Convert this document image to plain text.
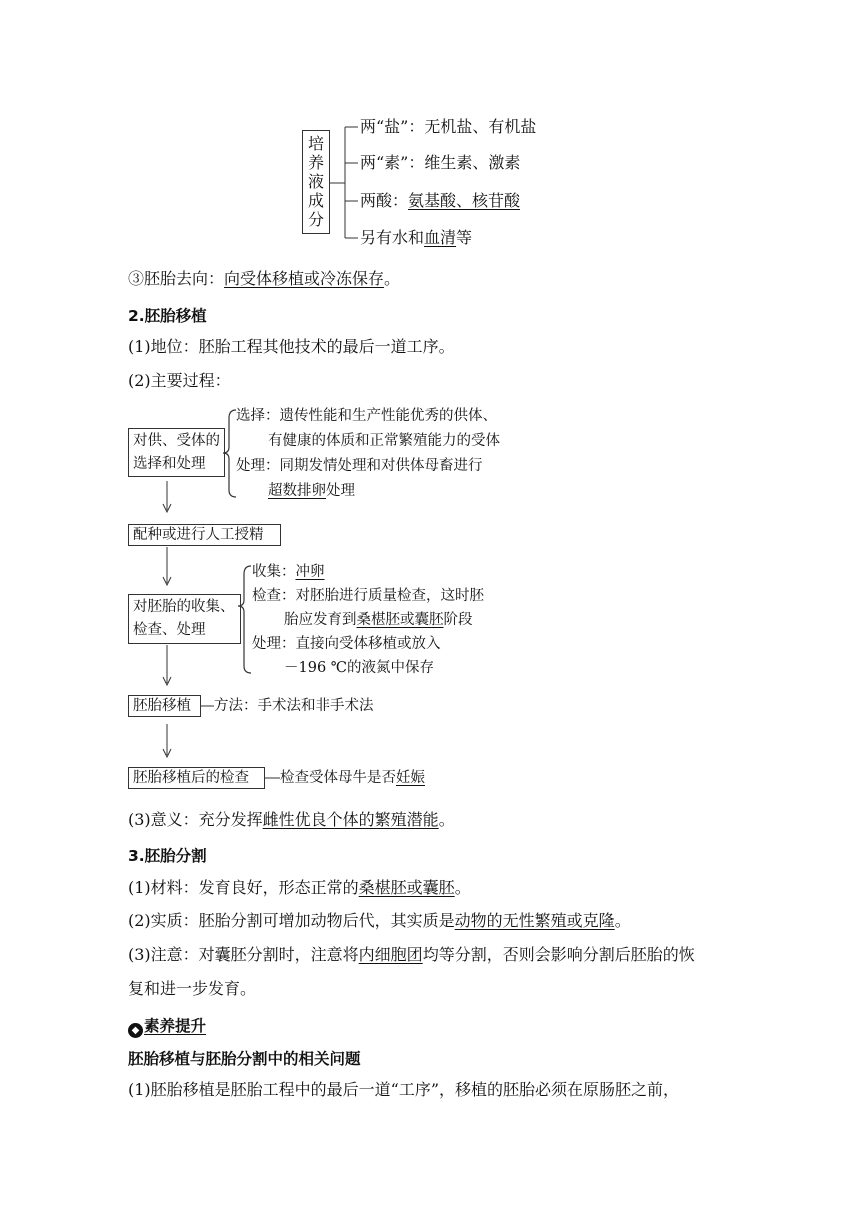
培
养
液
成
分
两“盐”：无机盐、有机盐
两“素”：维生素、激素
两酸：氨基酸、核苷酸
另有水和血清等
③胚胎去向：向受体移植或冷冻保存。
2.胚胎移植
(1)地位：胚胎工程其他技术的最后一道工序。
(2)主要过程：
对供、受体的
选择和处理
选择：遗传性能和生产性能优秀的供体、
有健康的体质和正常繁殖能力的受体
处理：同期发情处理和对供体母畜进行
超数排卵处理
配种或进行人工授精
对胚胎的收集、
检查、处理
收集：冲卵
检查：对胚胎进行质量检查，这时胚
胎应发育到桑椹胚或囊胚阶段
处理：直接向受体移植或放入
－196 ℃的液氮中保存
胚胎移植	方法：手术法和非手术法
胚胎移植后的检查	检查受体母牛是否妊娠
(3)意义：充分发挥雌性优良个体的繁殖潜能。
3.胚胎分割
(1)材料：发育良好，形态正常的桑椹胚或囊胚。
(2)实质：胚胎分割可增加动物后代，其实质是动物的无性繁殖或克隆。
(3)注意：对囊胚分割时，注意将内细胞团均等分割，否则会影响分割后胚胎的恢
复和进一步发育。
◆ 素养提升
胚胎移植与胚胎分割中的相关问题
(1)胚胎移植是胚胎工程中的最后一道“工序”，移植的胚胎必须在原肠胚之前，
